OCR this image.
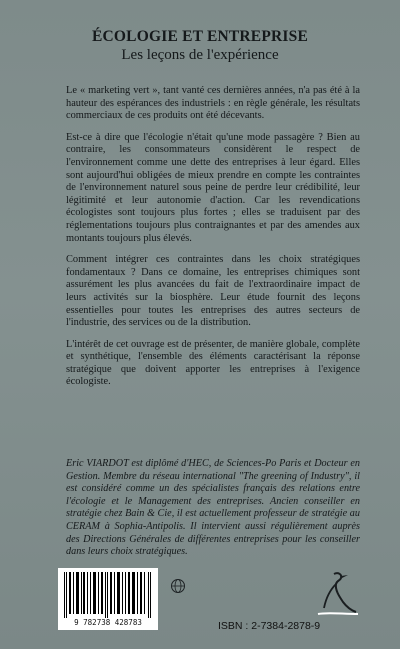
ÉCOLOGIE ET ENTREPRISE
Les leçons de l'expérience

Le « marketing vert », tant vanté ces dernières années, n'a pas été à la hauteur des espérances des industriels : en règle générale, les résultats commerciaux de ces produits ont été décevants.

Est-ce à dire que l'écologie n'était qu'une mode passagère ? Bien au contraire, les consommateurs considèrent le respect de l'environnement comme une dette des entreprises à leur égard. Elles sont aujourd'hui obligées de mieux prendre en compte les contraintes de l'environnement naturel sous peine de perdre leur crédibilité, leur légitimité et leur autonomie d'action. Car les revendications écologistes sont toujours plus fortes ; elles se traduisent par des réglementations toujours plus contraignantes et par des amendes aux montants toujours plus élevés.

Comment intégrer ces contraintes dans les choix stratégiques fondamentaux ? Dans ce domaine, les entreprises chimiques sont assurément les plus avancées du fait de l'extraordinaire impact de leurs activités sur la biosphère. Leur étude fournit des leçons essentielles pour toutes les entreprises des autres secteurs de l'industrie, des services ou de la distribution.

L'intérêt de cet ouvrage est de présenter, de manière globale, complète et synthétique, l'ensemble des éléments caractérisant la réponse stratégique que doivent apporter les entreprises à l'exigence écologiste.

Eric VIARDOT est diplômé d'HEC, de Sciences-Po Paris et Docteur en Gestion. Membre du réseau international "The greening of Industry", il est considéré comme un des spécialistes français des relations entre l'écologie et le Management des entreprises. Ancien conseiller en stratégie chez Bain & Cie, il est actuellement professeur de stratégie au CERAM à Sophia-Antipolis. Il intervient aussi régulièrement auprès des Directions Générales de différentes entreprises pour les conseiller dans leurs choix stratégiques.
9 782738 428783	ISBN : 2-7384-2878-9
